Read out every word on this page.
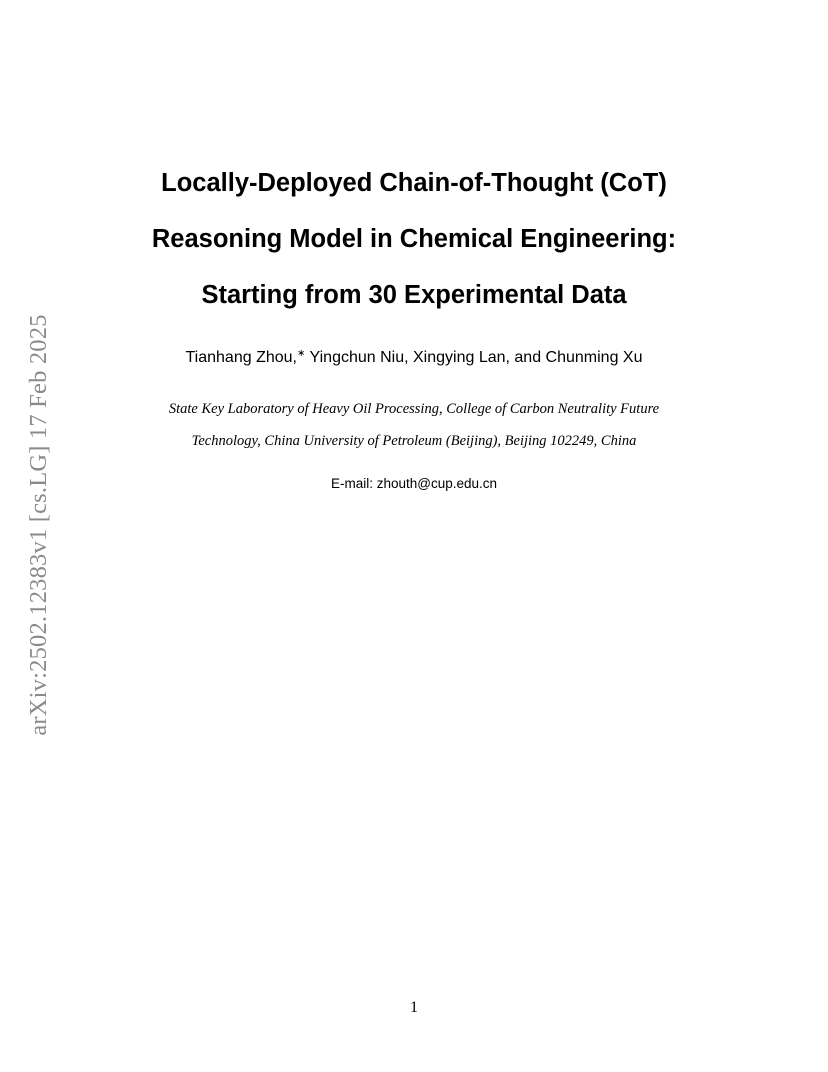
arXiv:2502.12383v1 [cs.LG] 17 Feb 2025
Locally-Deployed Chain-of-Thought (CoT)
Reasoning Model in Chemical Engineering:
Starting from 30 Experimental Data
Tianhang Zhou,∗ Yingchun Niu, Xingying Lan, and Chunming Xu
State Key Laboratory of Heavy Oil Processing, College of Carbon Neutrality Future
Technology, China University of Petroleum (Beijing), Beijing 102249, China
E-mail: zhouth@cup.edu.cn
1
